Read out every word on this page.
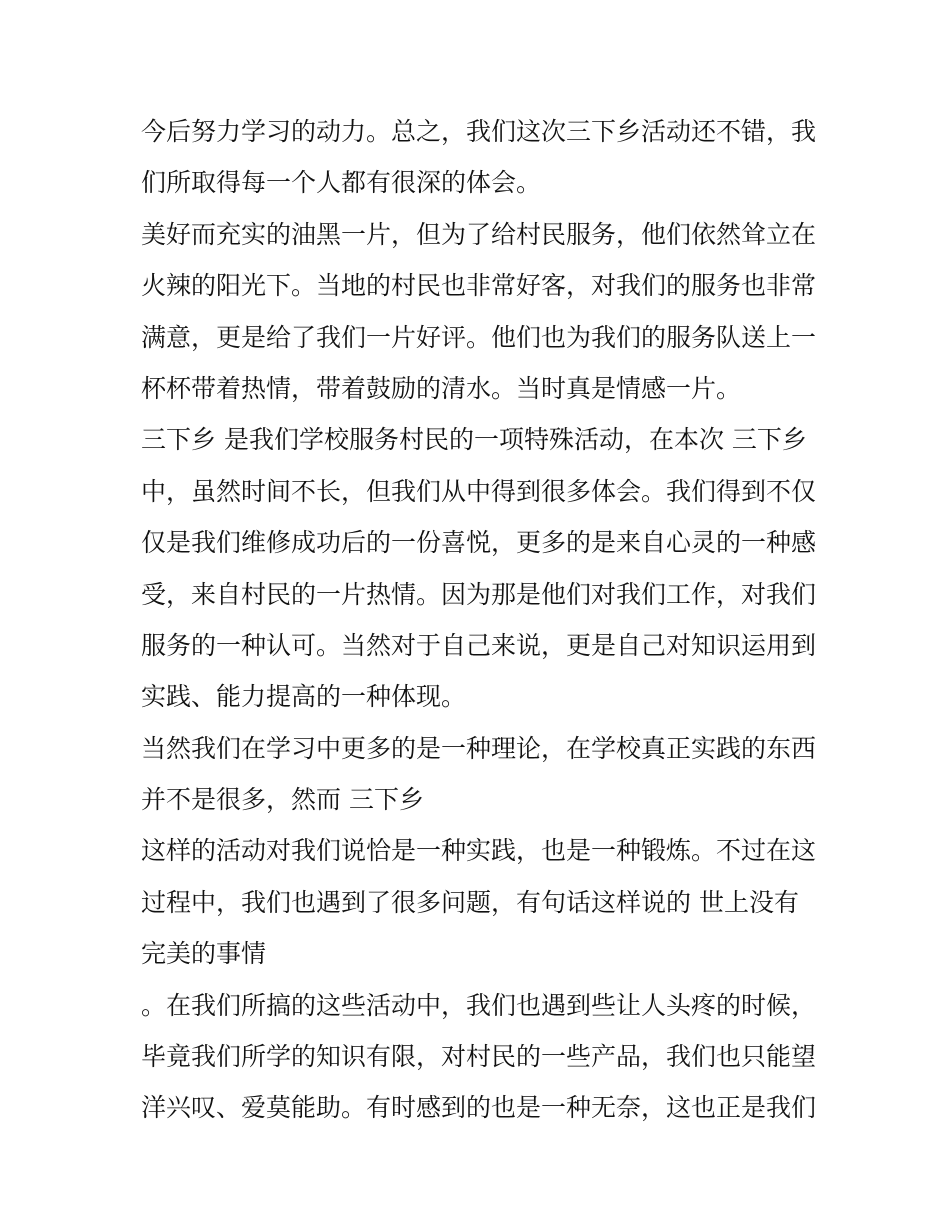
今后努力学习的动力。总之，我们这次三下乡活动还不错，我
们所取得每一个人都有很深的体会。
美好而充实的油黑一片，但为了给村民服务，他们依然耸立在
火辣的阳光下。当地的村民也非常好客，对我们的服务也非常
满意，更是给了我们一片好评。他们也为我们的服务队送上一
杯杯带着热情，带着鼓励的清水。当时真是情感一片。
三下乡 是我们学校服务村民的一项特殊活动，在本次 三下乡
中，虽然时间不长，但我们从中得到很多体会。我们得到不仅
仅是我们维修成功后的一份喜悦，更多的是来自心灵的一种感
受，来自村民的一片热情。因为那是他们对我们工作，对我们
服务的一种认可。当然对于自己来说，更是自己对知识运用到
实践、能力提高的一种体现。
当然我们在学习中更多的是一种理论，在学校真正实践的东西
并不是很多，然而 三下乡
这样的活动对我们说恰是一种实践，也是一种锻炼。不过在这
过程中，我们也遇到了很多问题，有句话这样说的 世上没有
完美的事情
。在我们所搞的这些活动中，我们也遇到些让人头疼的时候，
毕竟我们所学的知识有限，对村民的一些产品，我们也只能望
洋兴叹、爱莫能助。有时感到的也是一种无奈，这也正是我们
